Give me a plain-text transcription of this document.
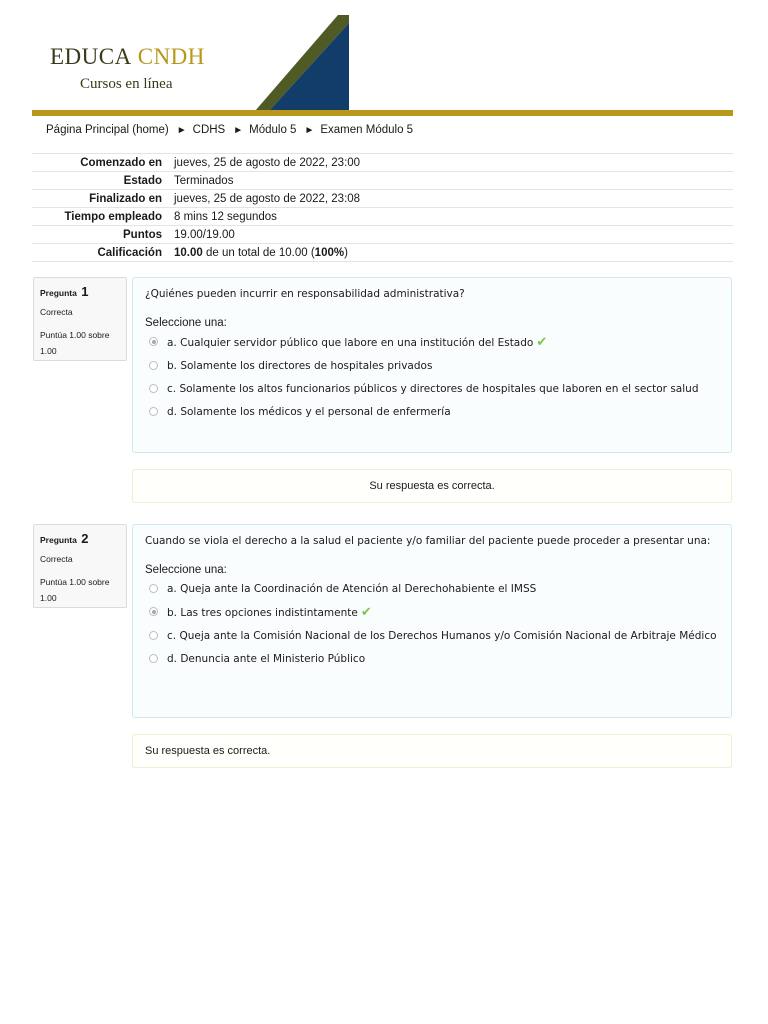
EDUCA CNDH
Cursos en línea
Página Principal (home) ► CDHS ► Módulo 5 ► Examen Módulo 5
Comenzado en	jueves, 25 de agosto de 2022, 23:00
Estado	Terminados
Finalizado en	jueves, 25 de agosto de 2022, 23:08
Tiempo empleado	8 mins 12 segundos
Puntos	19.00/19.00
Calificación	10.00 de un total de 10.00 (100%)
Pregunta 1
Correcta
Puntúa 1.00 sobre 1.00
¿Quiénes pueden incurrir en responsabilidad administrativa?
Seleccione una:
a. Cualquier servidor público que labore en una institución del Estado ✔
b. Solamente los directores de hospitales privados
c. Solamente los altos funcionarios públicos y directores de hospitales que laboren en el sector salud
d. Solamente los médicos y el personal de enfermería
Su respuesta es correcta.
Pregunta 2
Correcta
Puntúa 1.00 sobre 1.00
Cuando se viola el derecho a la salud el paciente y/o familiar del paciente puede proceder a presentar una:
Seleccione una:
a. Queja ante la Coordinación de Atención al Derechohabiente el IMSS
b. Las tres opciones indistintamente ✔
c. Queja ante la Comisión Nacional de los Derechos Humanos y/o Comisión Nacional de Arbitraje Médico
d. Denuncia ante el Ministerio Público
Su respuesta es correcta.
